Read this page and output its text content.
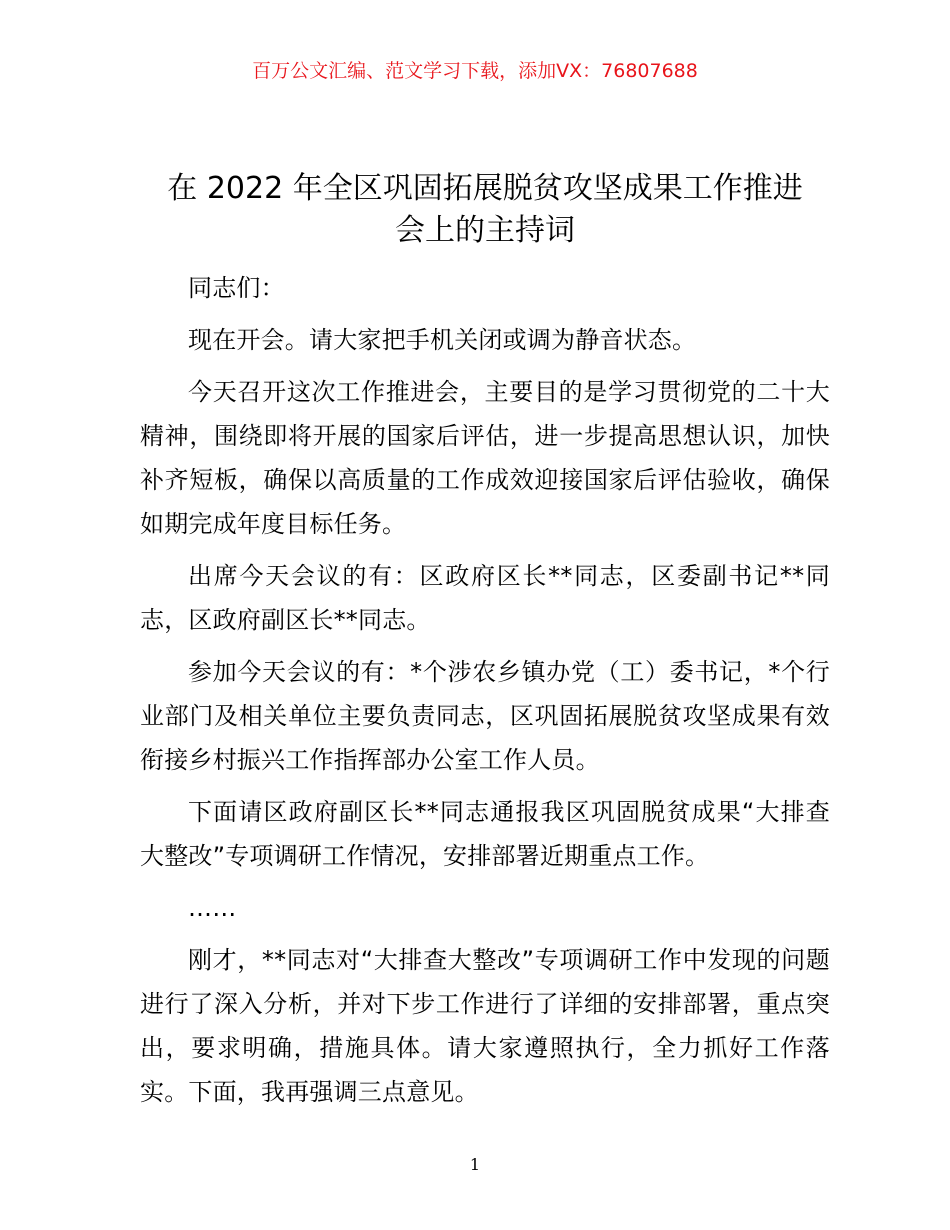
百万公文汇编、范文学习下载，添加VX：76807688
在 2022 年全区巩固拓展脱贫攻坚成果工作推进
会上的主持词

同志们：

现在开会。请大家把手机关闭或调为静音状态。

今天召开这次工作推进会，主要目的是学习贯彻党的二十大精神，围绕即将开展的国家后评估，进一步提高思想认识，加快补齐短板，确保以高质量的工作成效迎接国家后评估验收，确保如期完成年度目标任务。

出席今天会议的有：区政府区长**同志，区委副书记**同志，区政府副区长**同志。

参加今天会议的有：*个涉农乡镇办党（工）委书记，*个行业部门及相关单位主要负责同志，区巩固拓展脱贫攻坚成果有效衔接乡村振兴工作指挥部办公室工作人员。

下面请区政府副区长**同志通报我区巩固脱贫成果“大排查大整改”专项调研工作情况，安排部署近期重点工作。

……

刚才，**同志对“大排查大整改”专项调研工作中发现的问题进行了深入分析，并对下步工作进行了详细的安排部署，重点突出，要求明确，措施具体。请大家遵照执行，全力抓好工作落实。下面，我再强调三点意见。

1
